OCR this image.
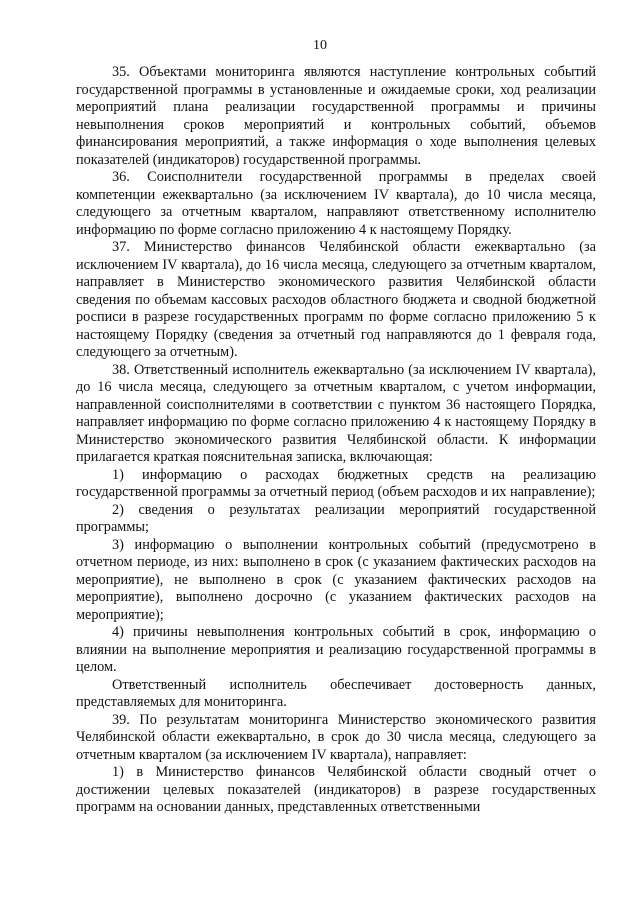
10

35. Объектами мониторинга являются наступление контрольных событий государственной программы в установленные и ожидаемые сроки, ход реализации мероприятий плана реализации государственной программы и причины невыполнения сроков мероприятий и контрольных событий, объемов финансирования мероприятий, а также информация о ходе выполнения целевых показателей (индикаторов) государственной программы.

36. Соисполнители государственной программы в пределах своей компетенции ежеквартально (за исключением IV квартала), до 10 числа месяца, следующего за отчетным кварталом, направляют ответственному исполнителю информацию по форме согласно приложению 4 к настоящему Порядку.

37. Министерство финансов Челябинской области ежеквартально (за исключением IV квартала), до 16 числа месяца, следующего за отчетным кварталом, направляет в Министерство экономического развития Челябинской области сведения по объемам кассовых расходов областного бюджета и сводной бюджетной росписи в разрезе государственных программ по форме согласно приложению 5 к настоящему Порядку (сведения за отчетный год направляются до 1 февраля года, следующего за отчетным).

38. Ответственный исполнитель ежеквартально (за исключением IV квартала), до 16 числа месяца, следующего за отчетным кварталом, с учетом информации, направленной соисполнителями в соответствии с пунктом 36 настоящего Порядка, направляет информацию по форме согласно приложению 4 к настоящему Порядку в Министерство экономического развития Челябинской области. К информации прилагается краткая пояснительная записка, включающая:

1) информацию о расходах бюджетных средств на реализацию государственной программы за отчетный период (объем расходов и их направление);

2) сведения о результатах реализации мероприятий государственной программы;

3) информацию о выполнении контрольных событий (предусмотрено в отчетном периоде, из них: выполнено в срок (с указанием фактических расходов на мероприятие), не выполнено в срок (с указанием фактических расходов на мероприятие), выполнено досрочно (с указанием фактических расходов на мероприятие);

4) причины невыполнения контрольных событий в срок, информацию о влиянии на выполнение мероприятия и реализацию государственной программы в целом.

Ответственный исполнитель обеспечивает достоверность данных, представляемых для мониторинга.

39. По результатам мониторинга Министерство экономического развития Челябинской области ежеквартально, в срок до 30 числа месяца, следующего за отчетным кварталом (за исключением IV квартала), направляет:

1) в Министерство финансов Челябинской области сводный отчет о достижении целевых показателей (индикаторов) в разрезе государственных программ на основании данных, представленных ответственными
